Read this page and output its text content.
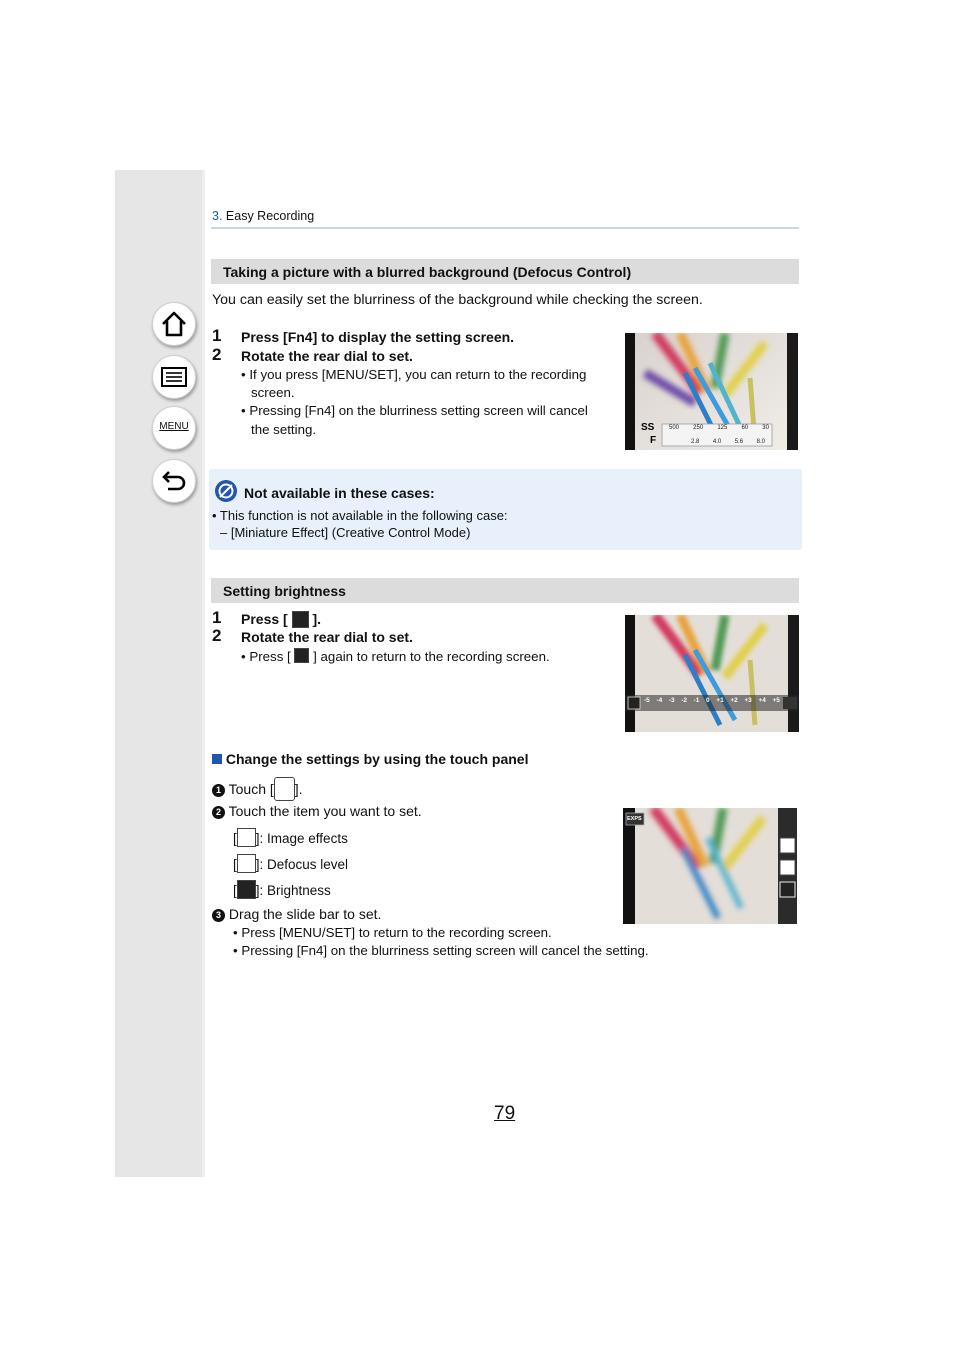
MENU
3. Easy Recording
Taking a picture with a blurred background (Defocus Control)
You can easily set the blurriness of the background while checking the screen.
1 Press [Fn4] to display the setting screen.
2 Rotate the rear dial to set.
• If you press [MENU/SET], you can return to the recording
screen.
• Pressing [Fn4] on the blurriness setting screen will cancel
the setting.	SS
F
500 250 125 60 30
2.8 4.0 5.6 8.0
Not available in these cases:
• This function is not available in the following case:
– [Miniature Effect] (Creative Control Mode)
Setting brightness
1 Press [ ].
2 Rotate the rear dial to set.
• Press [ ] again to return to the recording screen.
-5 -4 -3 -2 -1 0 +1 +2 +3 +4 +5
Change the settings by using the touch panel
1 Touch [ ].
2 Touch the item you want to set.
[ ]: Image effects
[ ]: Defocus level
[ ]: Brightness
3 Drag the slide bar to set.
• Press [MENU/SET] to return to the recording screen.
• Pressing [Fn4] on the blurriness setting screen will cancel the setting.
EXPS
79
